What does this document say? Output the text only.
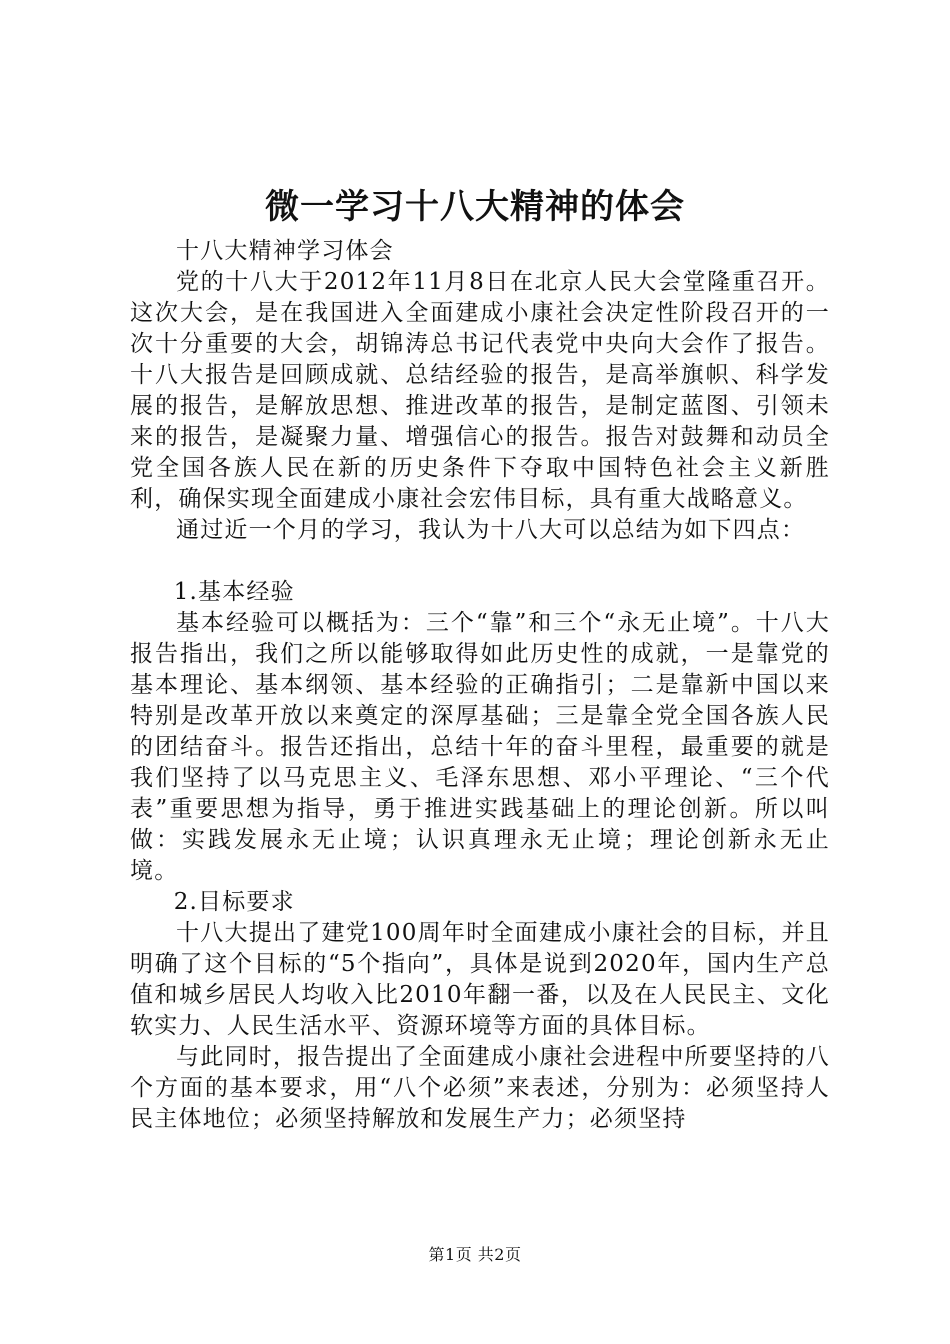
微一学习十八大精神的体会

十八大精神学习体会

党的十八大于2012年11月8日在北京人民大会堂隆重召开。这次大会，是在我国进入全面建成小康社会决定性阶段召开的一次十分重要的大会，胡锦涛总书记代表党中央向大会作了报告。十八大报告是回顾成就、总结经验的报告，是高举旗帜、科学发展的报告，是解放思想、推进改革的报告，是制定蓝图、引领未来的报告，是凝聚力量、增强信心的报告。报告对鼓舞和动员全党全国各族人民在新的历史条件下夺取中国特色社会主义新胜利，确保实现全面建成小康社会宏伟目标，具有重大战略意义。

通过近一个月的学习，我认为十八大可以总结为如下四点：

1.基本经验

基本经验可以概括为：三个“靠”和三个“永无止境”。十八大报告指出，我们之所以能够取得如此历史性的成就，一是靠党的基本理论、基本纲领、基本经验的正确指引；二是靠新中国以来特别是改革开放以来奠定的深厚基础；三是靠全党全国各族人民的团结奋斗。报告还指出，总结十年的奋斗里程，最重要的就是我们坚持了以马克思主义、毛泽东思想、邓小平理论、“三个代表”重要思想为指导，勇于推进实践基础上的理论创新。所以叫做：实践发展永无止境；认识真理永无止境；理论创新永无止境。

2.目标要求

十八大提出了建党100周年时全面建成小康社会的目标，并且明确了这个目标的“5个指向”，具体是说到2020年，国内生产总值和城乡居民人均收入比2010年翻一番，以及在人民民主、文化软实力、人民生活水平、资源环境等方面的具体目标。

与此同时，报告提出了全面建成小康社会进程中所要坚持的八个方面的基本要求，用“八个必须”来表述，分别为：必须坚持人民主体地位；必须坚持解放和发展生产力；必须坚持

第1页 共2页
